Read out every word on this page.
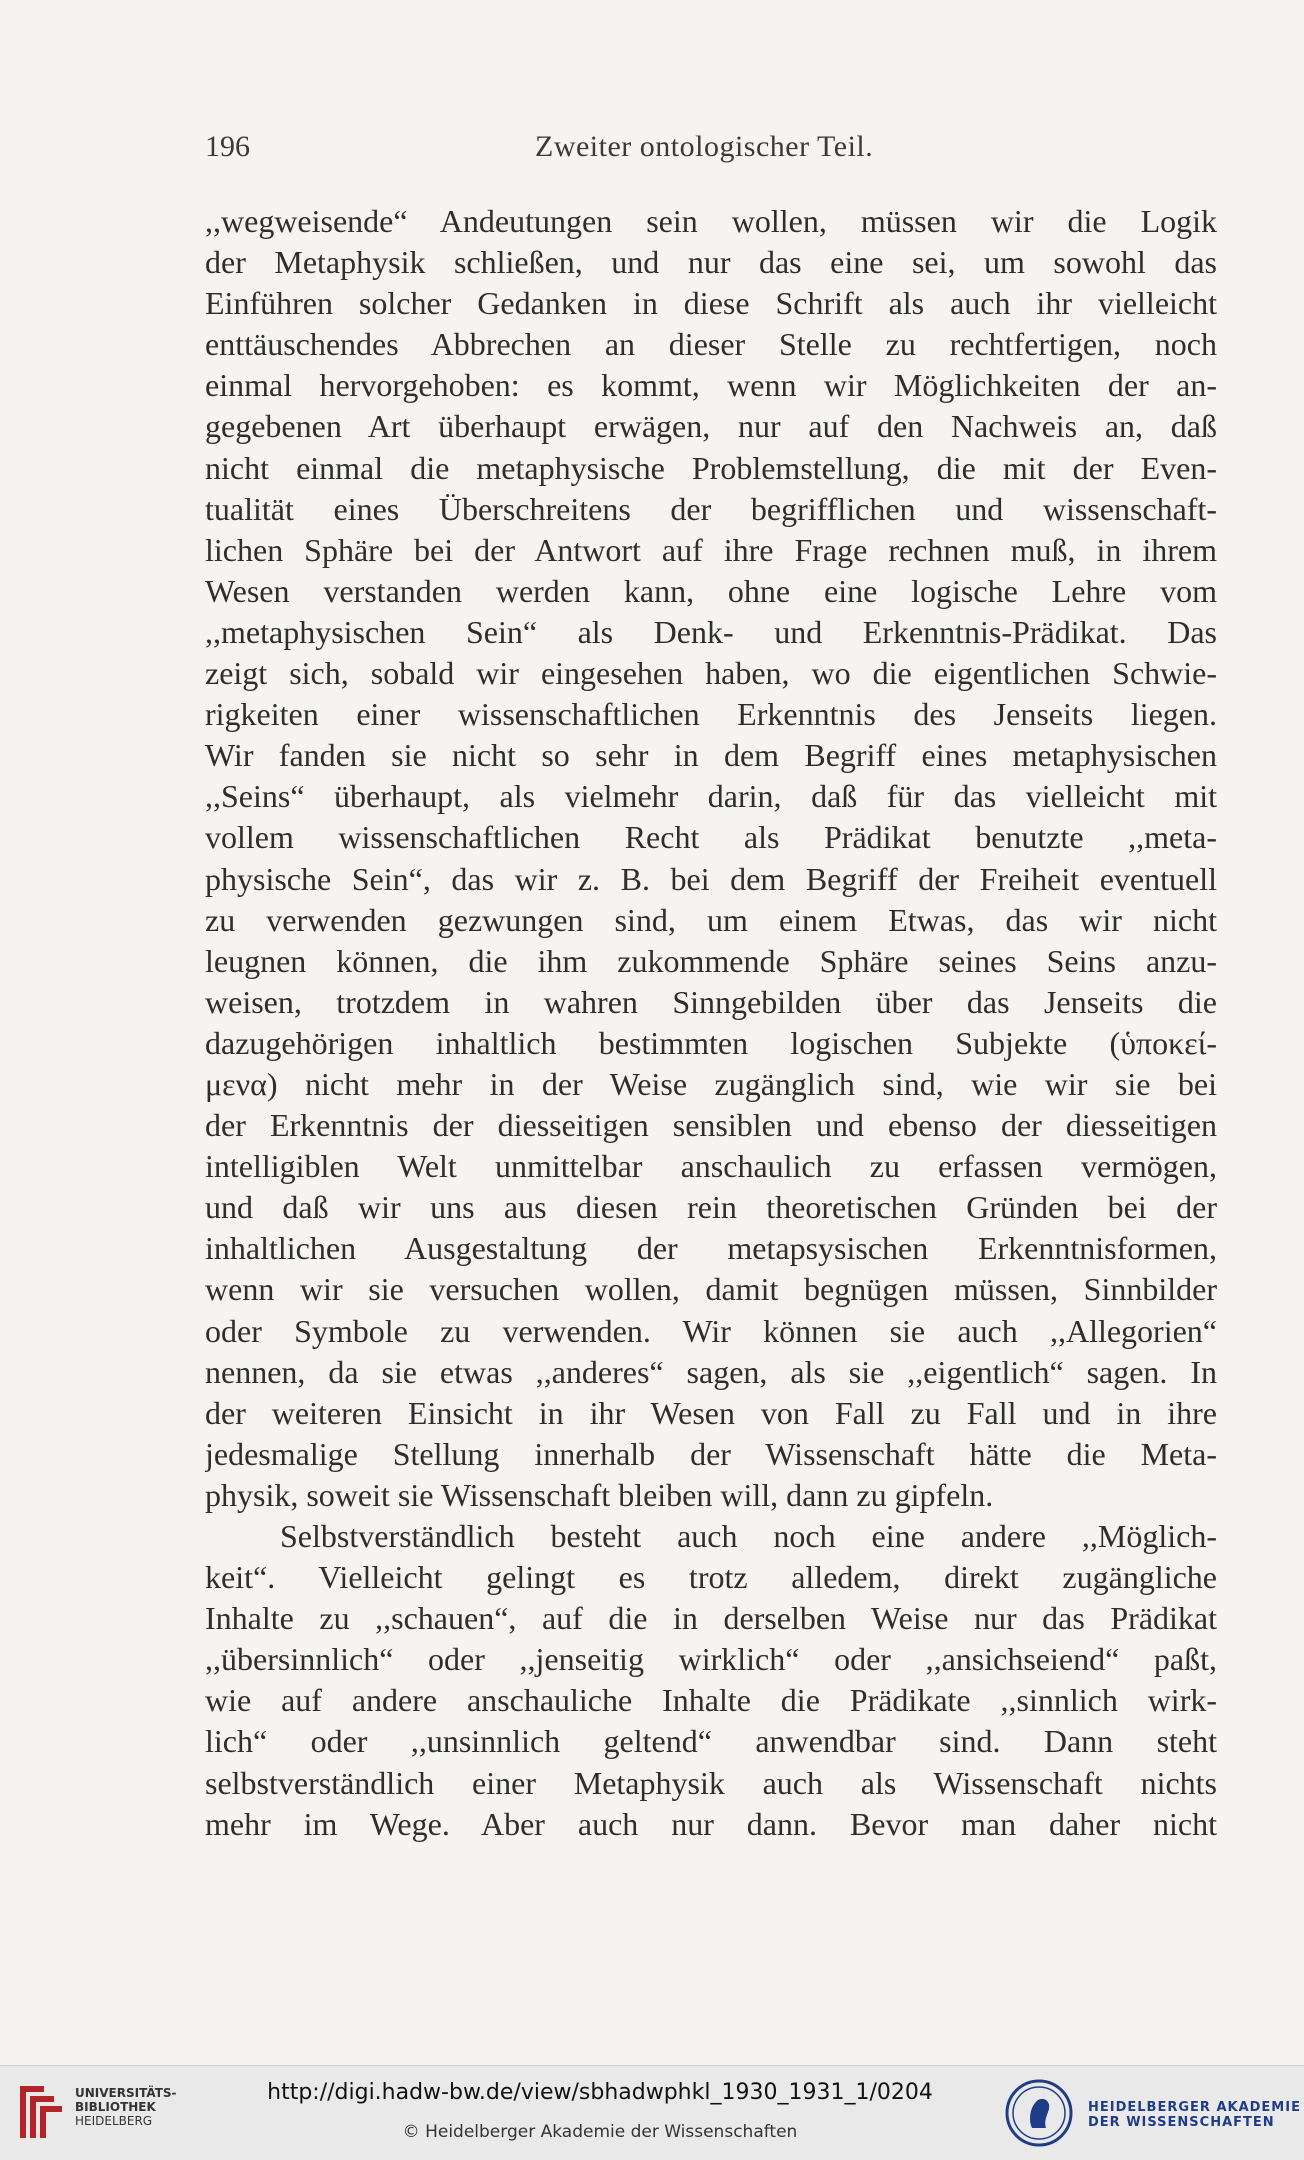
196	Zweiter ontologischer Teil.
,,wegweisende“ Andeutungen sein wollen, müssen wir die Logik
der Metaphysik schließen, und nur das eine sei, um sowohl das
Einführen solcher Gedanken in diese Schrift als auch ihr vielleicht
enttäuschendes Abbrechen an dieser Stelle zu rechtfertigen, noch
einmal hervorgehoben: es kommt, wenn wir Möglichkeiten der an-
gegebenen Art überhaupt erwägen, nur auf den Nachweis an, daß
nicht einmal die metaphysische Problemstellung, die mit der Even-
tualität eines Überschreitens der begrifflichen und wissenschaft-
lichen Sphäre bei der Antwort auf ihre Frage rechnen muß, in ihrem
Wesen verstanden werden kann, ohne eine logische Lehre vom
,,metaphysischen Sein“ als Denk- und Erkenntnis-Prädikat. Das
zeigt sich, sobald wir eingesehen haben, wo die eigentlichen Schwie-
rigkeiten einer wissenschaftlichen Erkenntnis des Jenseits liegen.
Wir fanden sie nicht so sehr in dem Begriff eines metaphysischen
,,Seins“ überhaupt, als vielmehr darin, daß für das vielleicht mit
vollem wissenschaftlichen Recht als Prädikat benutzte ,,meta-
physische Sein“, das wir z. B. bei dem Begriff der Freiheit eventuell
zu verwenden gezwungen sind, um einem Etwas, das wir nicht
leugnen können, die ihm zukommende Sphäre seines Seins anzu-
weisen, trotzdem in wahren Sinngebilden über das Jenseits die
dazugehörigen inhaltlich bestimmten logischen Subjekte (ὑποκεί-
μενα) nicht mehr in der Weise zugänglich sind, wie wir sie bei
der Erkenntnis der diesseitigen sensiblen und ebenso der diesseitigen
intelligiblen Welt unmittelbar anschaulich zu erfassen vermögen,
und daß wir uns aus diesen rein theoretischen Gründen bei der
inhaltlichen Ausgestaltung der metapsysischen Erkenntnisformen,
wenn wir sie versuchen wollen, damit begnügen müssen, Sinnbilder
oder Symbole zu verwenden. Wir können sie auch ,,Allegorien“
nennen, da sie etwas ,,anderes“ sagen, als sie ,,eigentlich“ sagen. In
der weiteren Einsicht in ihr Wesen von Fall zu Fall und in ihre
jedesmalige Stellung innerhalb der Wissenschaft hätte die Meta-
physik, soweit sie Wissenschaft bleiben will, dann zu gipfeln.
Selbstverständlich besteht auch noch eine andere ,,Möglich-
keit“. Vielleicht gelingt es trotz alledem, direkt zugängliche
Inhalte zu ,,schauen“, auf die in derselben Weise nur das Prädikat
,,übersinnlich“ oder ,,jenseitig wirklich“ oder ,,ansichseiend“ paßt,
wie auf andere anschauliche Inhalte die Prädikate ,,sinnlich wirk-
lich“ oder ,,unsinnlich geltend“ anwendbar sind. Dann steht
selbstverständlich einer Metaphysik auch als Wissenschaft nichts
mehr im Wege. Aber auch nur dann. Bevor man daher nicht
UNIVERSITÄTS-
BIBLIOTHEK
HEIDELBERG
http://digi.hadw-bw.de/view/sbhadwphkl_1930_1931_1/0204
© Heidelberger Akademie der Wissenschaften
HEIDELBERGER AKADEMIE
DER WISSENSCHAFTEN
